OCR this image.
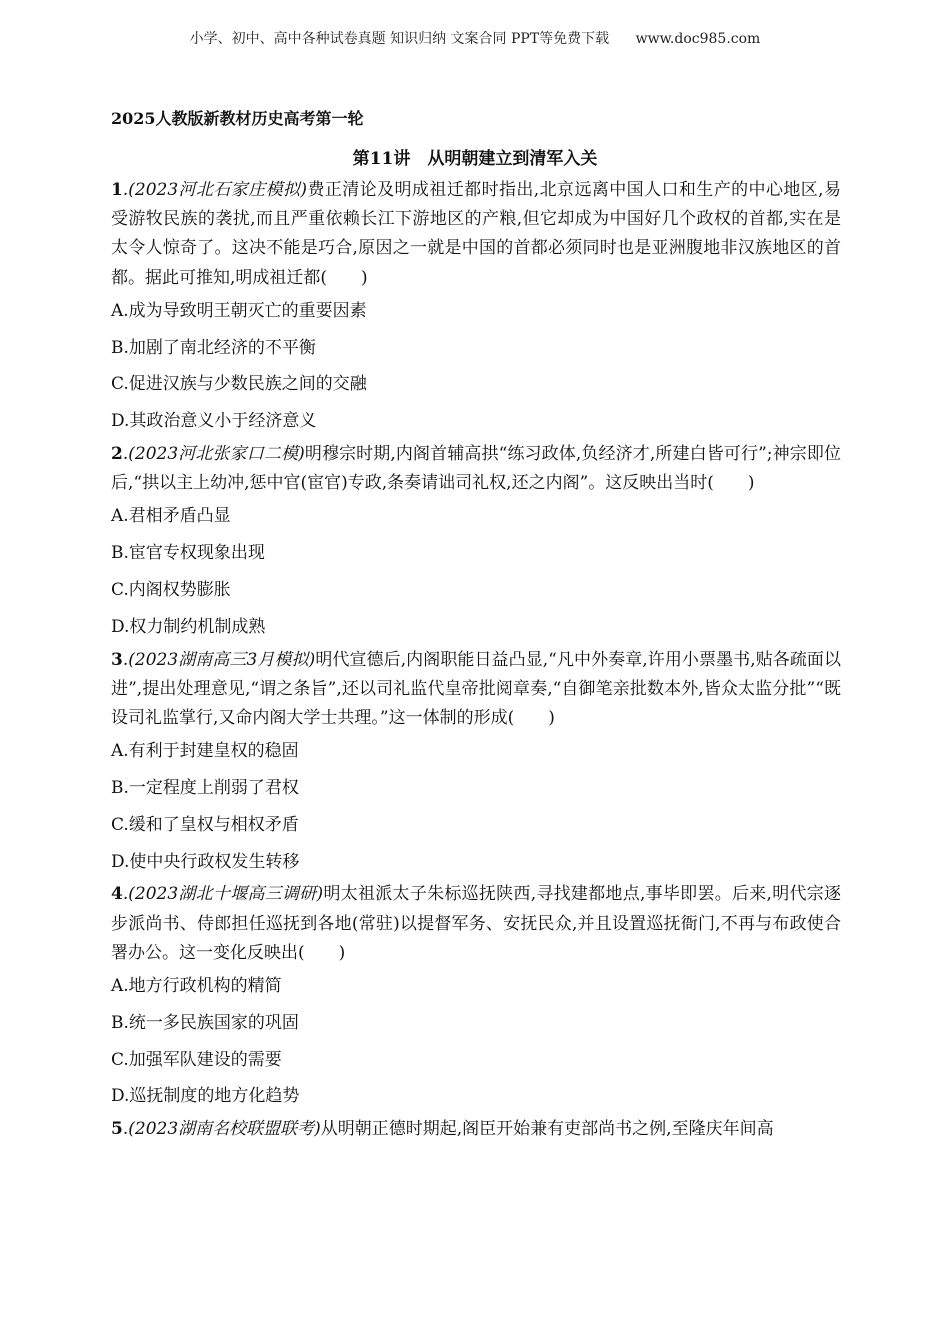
小学、初中、高中各种试卷真题 知识归纳 文案合同 PPT等免费下载 www.doc985.com
2025人教版新教材历史高考第一轮
第11讲　从明朝建立到清军入关

1.(2023河北石家庄模拟)费正清论及明成祖迁都时指出,北京远离中国人口和生产的中心地区,易受游牧民族的袭扰,而且严重依赖长江下游地区的产粮,但它却成为中国好几个政权的首都,实在是太令人惊奇了。这决不能是巧合,原因之一就是中国的首都必须同时也是亚洲腹地非汉族地区的首都。据此可推知,明成祖迁都(　　)

A.成为导致明王朝灭亡的重要因素

B.加剧了南北经济的不平衡

C.促进汉族与少数民族之间的交融

D.其政治意义小于经济意义

2.(2023河北张家口二模)明穆宗时期,内阁首辅高拱“练习政体,负经济才,所建白皆可行”;神宗即位后,“拱以主上幼冲,惩中官(宦官)专政,条奏请诎司礼权,还之内阁”。这反映出当时(　　)

A.君相矛盾凸显

B.宦官专权现象出现

C.内阁权势膨胀

D.权力制约机制成熟

3.(2023湖南高三3月模拟)明代宣德后,内阁职能日益凸显,“凡中外奏章,许用小票墨书,贴各疏面以进”,提出处理意见,“谓之条旨”,还以司礼监代皇帝批阅章奏,“自御笔亲批数本外,皆众太监分批”“既设司礼监掌行,又命内阁大学士共理。”这一体制的形成(　　)

A.有利于封建皇权的稳固

B.一定程度上削弱了君权

C.缓和了皇权与相权矛盾

D.使中央行政权发生转移

4.(2023湖北十堰高三调研)明太祖派太子朱标巡抚陕西,寻找建都地点,事毕即罢。后来,明代宗逐步派尚书、侍郎担任巡抚到各地(常驻)以提督军务、安抚民众,并且设置巡抚衙门,不再与布政使合署办公。这一变化反映出(　　)

A.地方行政机构的精简

B.统一多民族国家的巩固

C.加强军队建设的需要

D.巡抚制度的地方化趋势

5.(2023湖南名校联盟联考)从明朝正德时期起,阁臣开始兼有吏部尚书之例,至隆庆年间高
